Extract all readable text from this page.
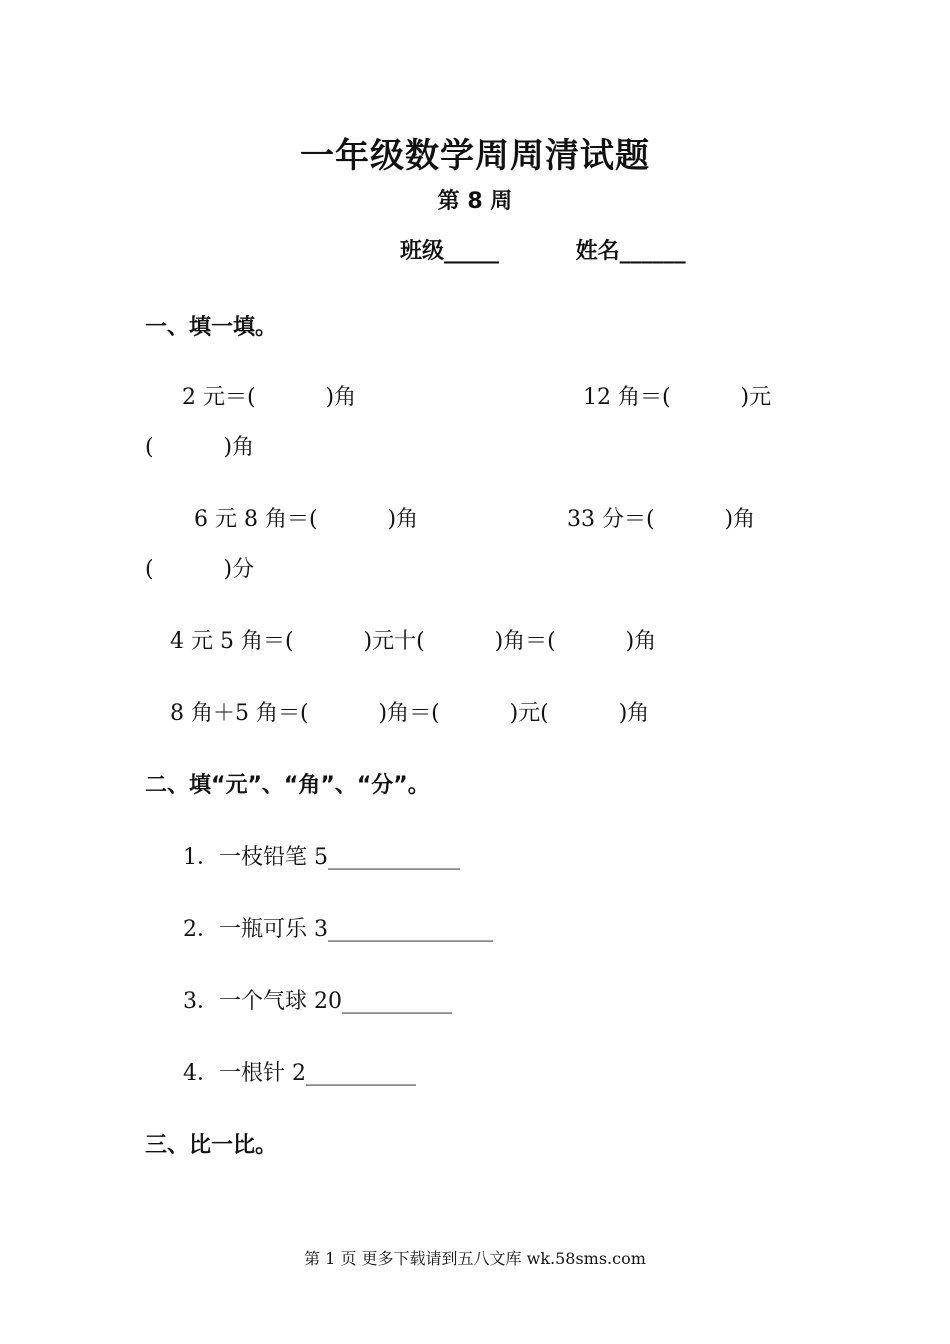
一年级数学周周清试题
第 8 周
班级_____          姓名______
一、填一填。
2 元＝(          )角	12 角＝(          )元
(          )角
6 元 8 角＝(          )角	33 分＝(          )角
(          )分
4 元 5 角＝(          )元十(          )角＝(          )角
8 角＋5 角＝(          )角＝(          )元(          )角
二、填“元”、“角”、“分”。
1．一枝铅笔 5____________
2．一瓶可乐 3_______________
3．一个气球 20__________
4．一根针 2__________
三、比一比。
第 1 页 更多下载请到五八文库 wk.58sms.com
